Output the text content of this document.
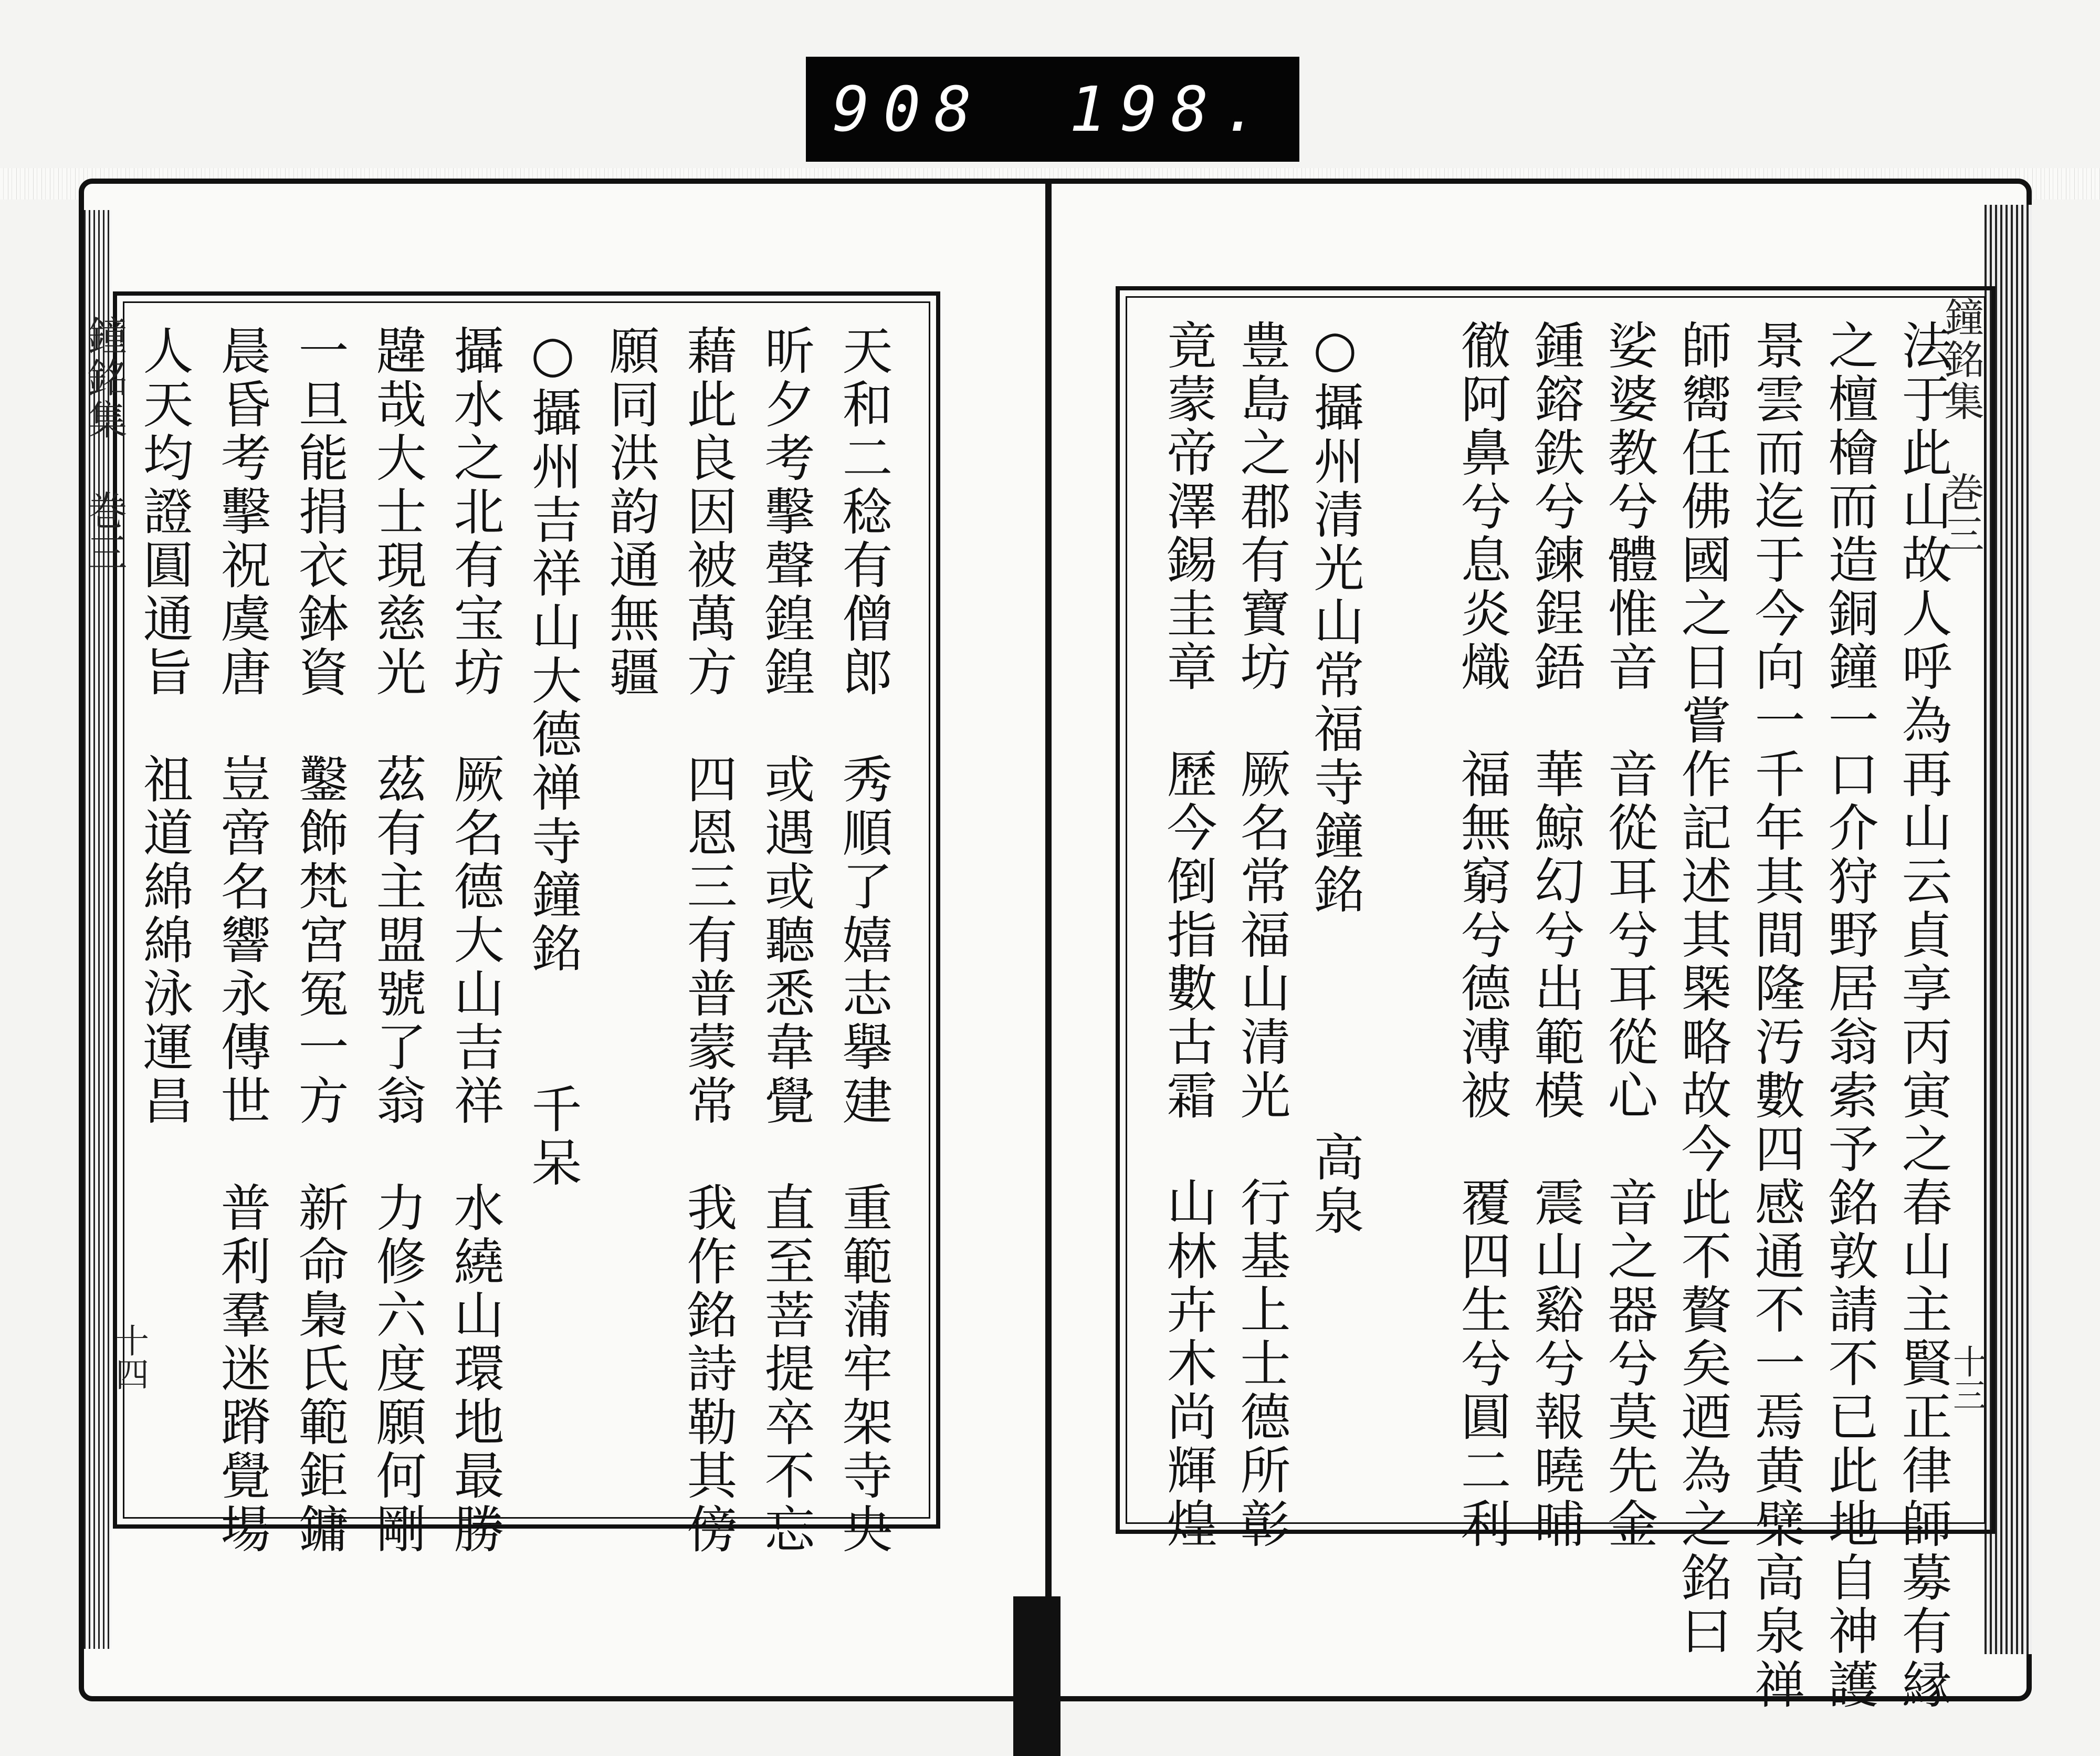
908 198.
天和二稔有僧郎　秀順了嬉志擧建　重範蒲牢架寺央
昕夕考擊聲鍠鍠　或遇或聽悉韋覺　直至菩提卒不忘
藉此良因被萬方　四恩三有普蒙常　我作銘詩勒其傍
願同洪韵通無疆
○攝州吉祥山大德禅寺鐘銘　　千呆
攝水之北有宝坊　厥名德大山吉祥　水繞山環地最勝
韙哉大士現慈光　茲有主盟號了翁　力修六度願何剛
一旦能捐衣鉢資　鑿飾梵宮冤一方　新命梟氏範鉅鏞
晨昏考擊祝虞唐　豈啻名響永傳世　普利羣迷蹐覺場
人天均證圓通旨　祖道綿綿泳運昌
鐘銘集 巻三
十四	法于此山故人呼為再山云貞享丙寅之春山主賢正律師募有縁
之檀檜而造銅鐘一口介狩野居翁索予銘敦請不已此地自神護
景雲而迄于今向一千年其間隆汚數四感通不一焉黄檗高泉禅
師嚮任佛國之日嘗作記述其槩略故今此不贅矣迺為之銘曰
娑婆教兮體惟音　音從耳兮耳從心　音之器兮莫先金
鍾鎔鉄兮鍊鋥鋙　華鯨幻兮出範模　震山谿兮報曉晡
徹阿鼻兮息炎熾　福無窮兮德溥被　覆四生兮圓二利

○攝州清光山常福寺鐘銘　　　　高泉
豊島之郡有寶坊　厥名常福山清光　行基上士德所彰
竟蒙帝澤錫圭章　歷今倒指數古霜　山林卉木尚輝煌	鐘銘集 巻三
十三
